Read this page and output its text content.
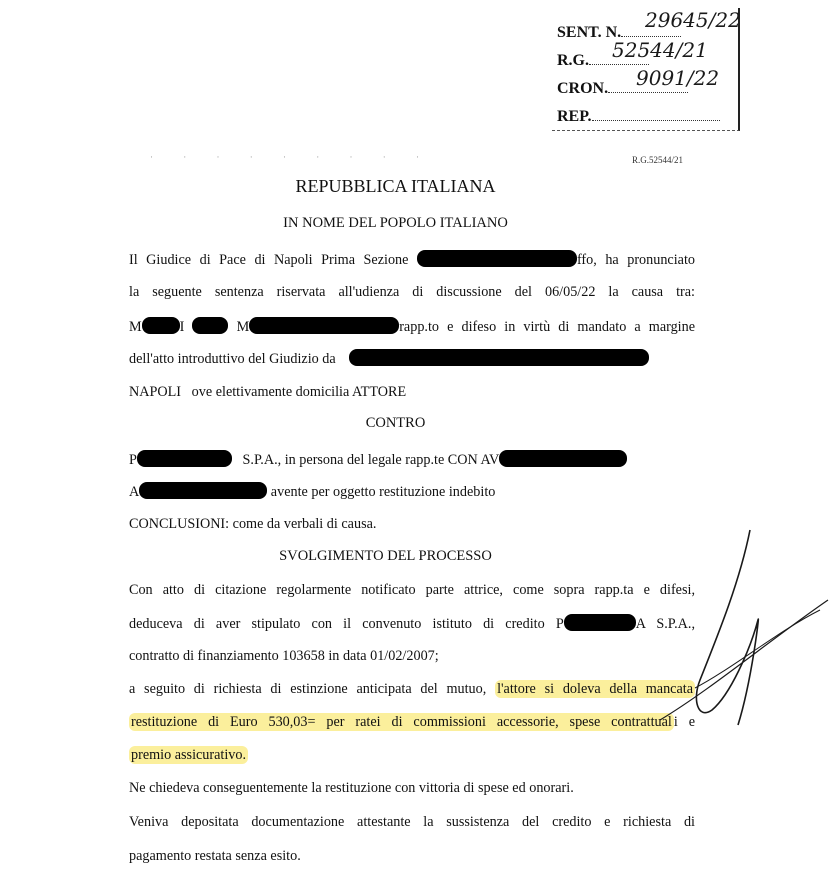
SENT. N.
29645/22
R.G.	52544/21
CRON.	9091/22
REP.
· · · · · · · · ·	R.G.52544/21
REPUBBLICA ITALIANA
IN NOME DEL POPOLO ITALIANO
Il Giudice di Pace di Napoli Prima Sezione	ffo, ha pronunciato
la seguente sentenza riservata all'udienza di discussione del 06/05/22 la causa tra:
M	I	M	rapp.to e difeso in virtù di mandato a margine
dell'atto introduttivo del Giudizio da
NAPOLI ove elettivamente domicilia ATTORE
CONTRO
P	S.P.A., in persona del legale rapp.te CON AV
A	avente per oggetto restituzione indebito
CONCLUSIONI: come da verbali di causa.
SVOLGIMENTO DEL PROCESSO
Con atto di citazione regolarmente notificato parte attrice, come sopra rapp.ta e difesi,
deduceva di aver stipulato con il convenuto istituto di credito P	A S.P.A.,
contratto di finanziamento 103658 in data 01/02/2007;
a seguito di richiesta di estinzione anticipata del mutuo, l'attore si doleva della mancata
restituzione di Euro 530,03= per ratei di commissioni accessorie, spese contrattual i e
premio assicurativo.
Ne chiedeva conseguentemente la restituzione con vittoria di spese ed onorari.
Veniva depositata documentazione attestante la sussistenza del credito e richiesta di
pagamento restata senza esito.
